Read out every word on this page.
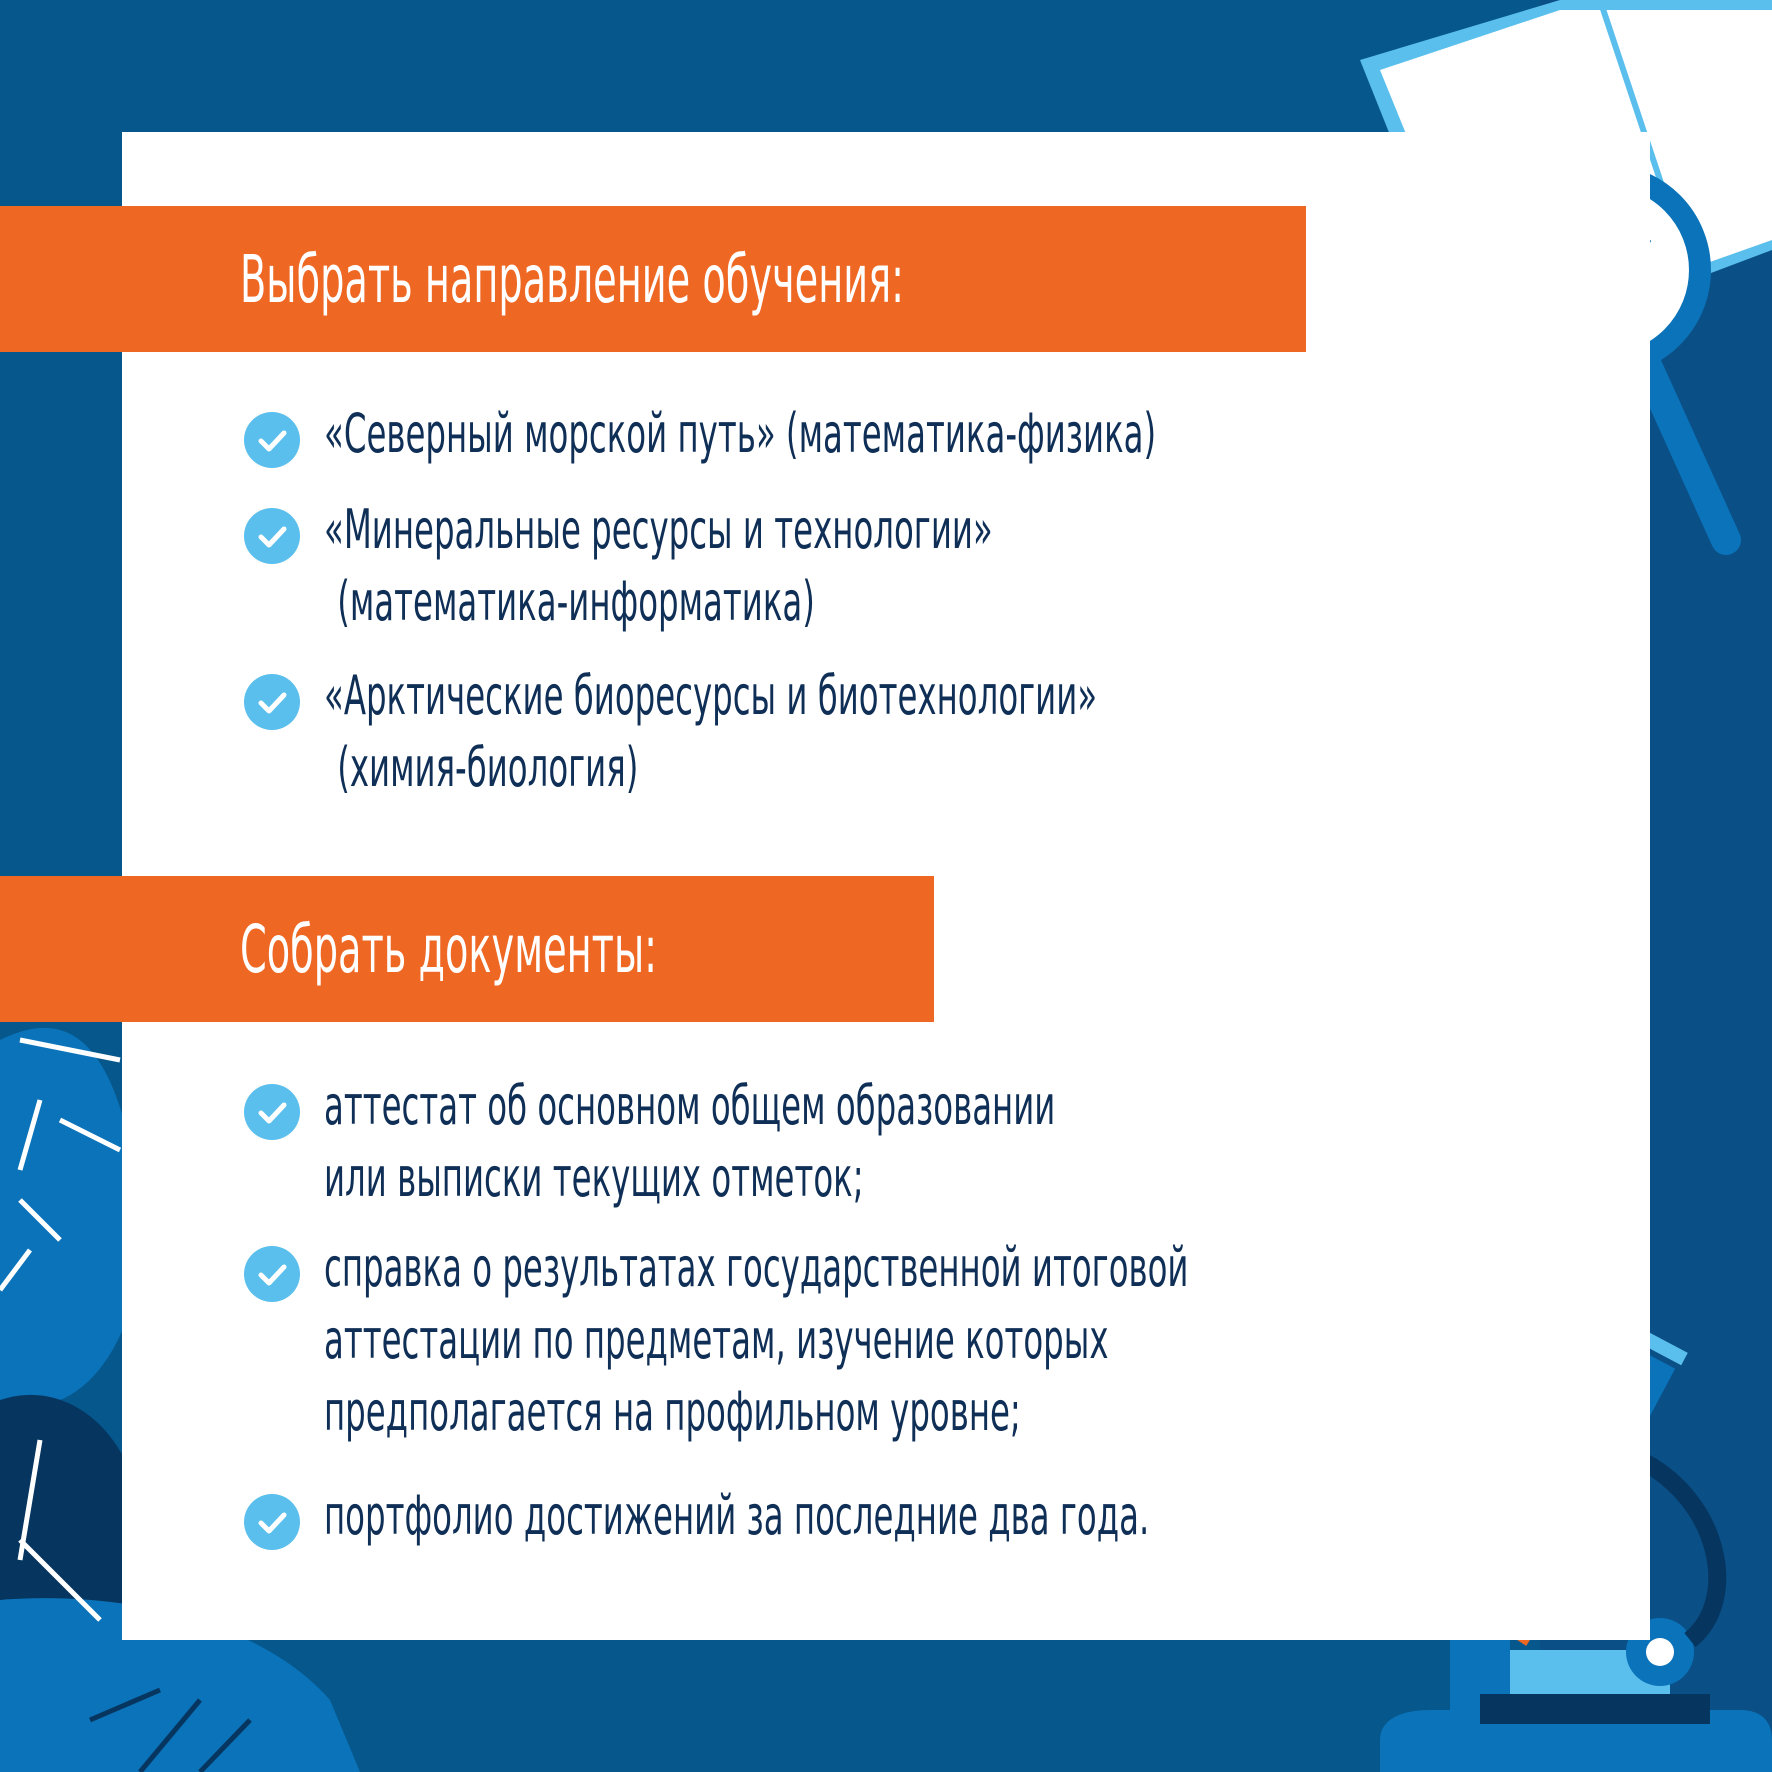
Выбрать направление обучения:
Собрать документы:
«Северный морской путь» (математика-физика)
«Минеральные ресурсы и технологии»
(математика-информатика)
«Арктические биоресурсы и биотехнологии»
(химия-биология)
аттестат об основном общем образовании
или выписки текущих отметок;
справка о результатах государственной итоговой
аттестации по предметам, изучение которых
предполагается на профильном уровне;
портфолио достижений за последние два года.
